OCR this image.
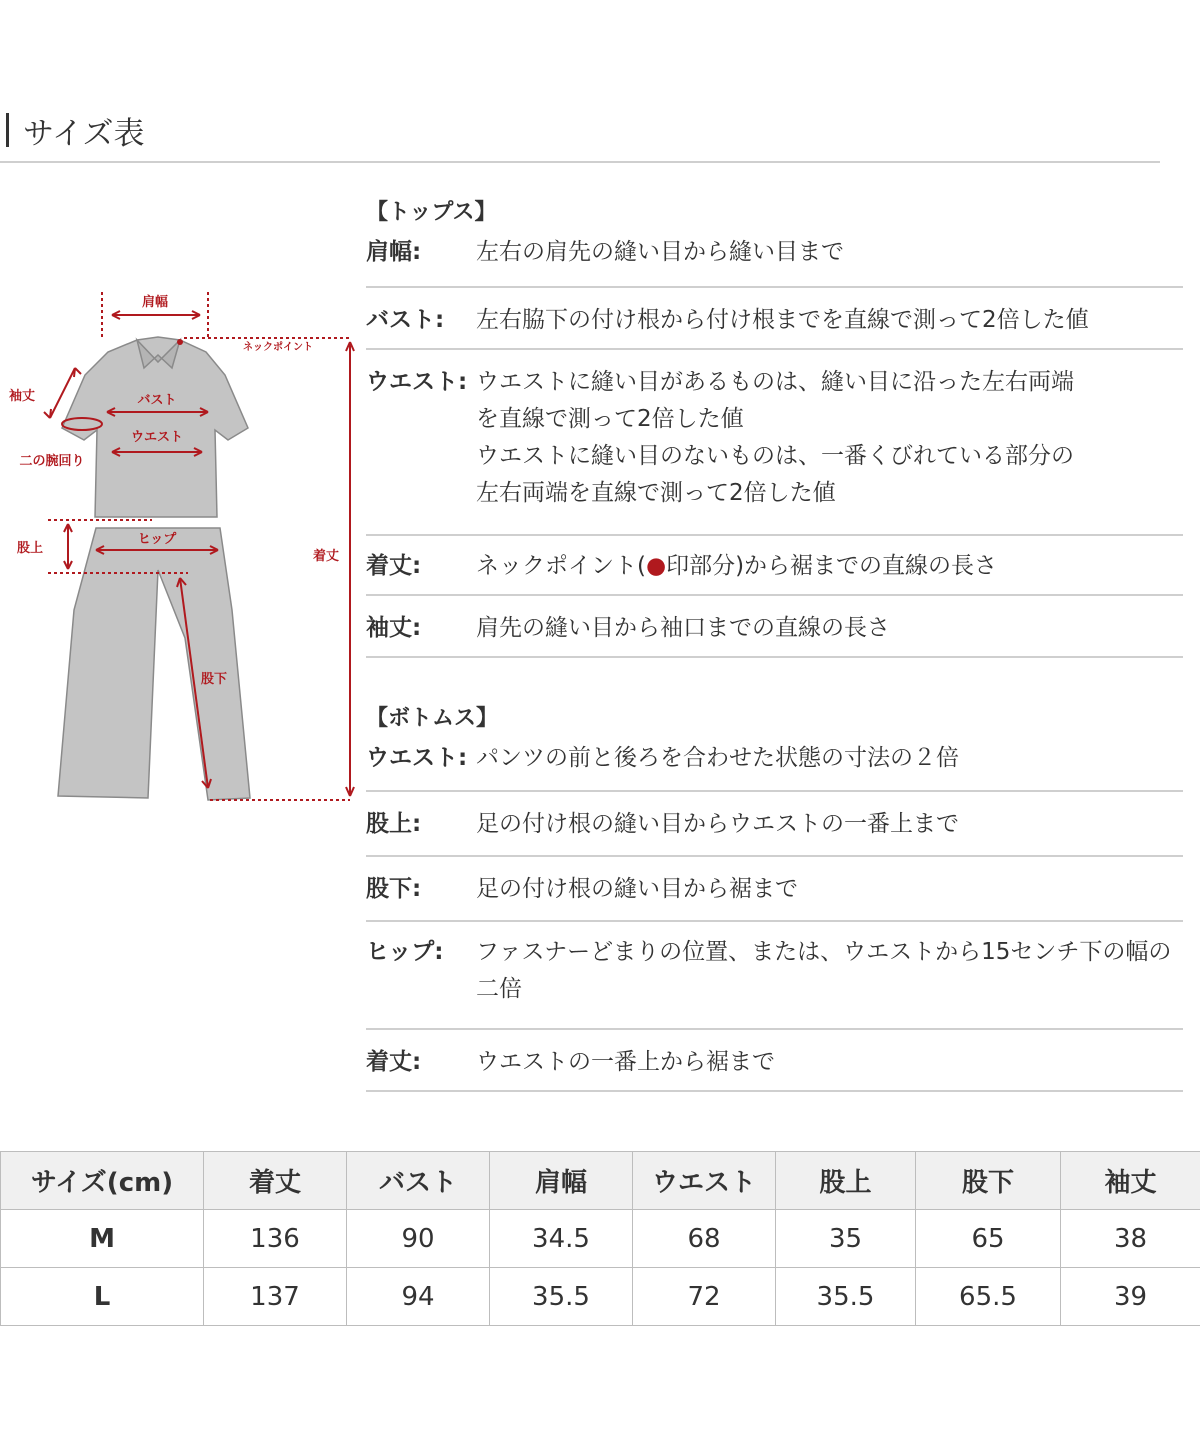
サイズ表
肩幅
ネックポイント
袖丈	バスト
ウエスト
二の腕回り
股上
ヒップ
着丈
股下
【トップス】
肩幅:	左右の肩先の縫い目から縫い目まで
バスト:	左右脇下の付け根から付け根までを直線で測って2倍した値
ウエスト: ウエストに縫い目があるものは、縫い目に沿った左右両端
を直線で測って2倍した値
ウエストに縫い目のないものは、一番くびれている部分の
左右両端を直線で測って2倍した値
着丈:	ネックポイント(●印部分)から裾までの直線の長さ
袖丈:	肩先の縫い目から袖口までの直線の長さ
【ボトムス】
ウエスト: パンツの前と後ろを合わせた状態の寸法の２倍
股上:	足の付け根の縫い目からウエストの一番上まで
股下:	足の付け根の縫い目から裾まで
ヒップ:	ファスナーどまりの位置、または、ウエストから15センチ下の幅の
二倍
着丈:	ウエストの一番上から裾まで
サイズ(cm)	着丈	バスト	肩幅	ウエスト	股上	股下	袖丈
M	136	90	34.5	68	35	65	38
L	137	94	35.5	72	35.5	65.5	39
